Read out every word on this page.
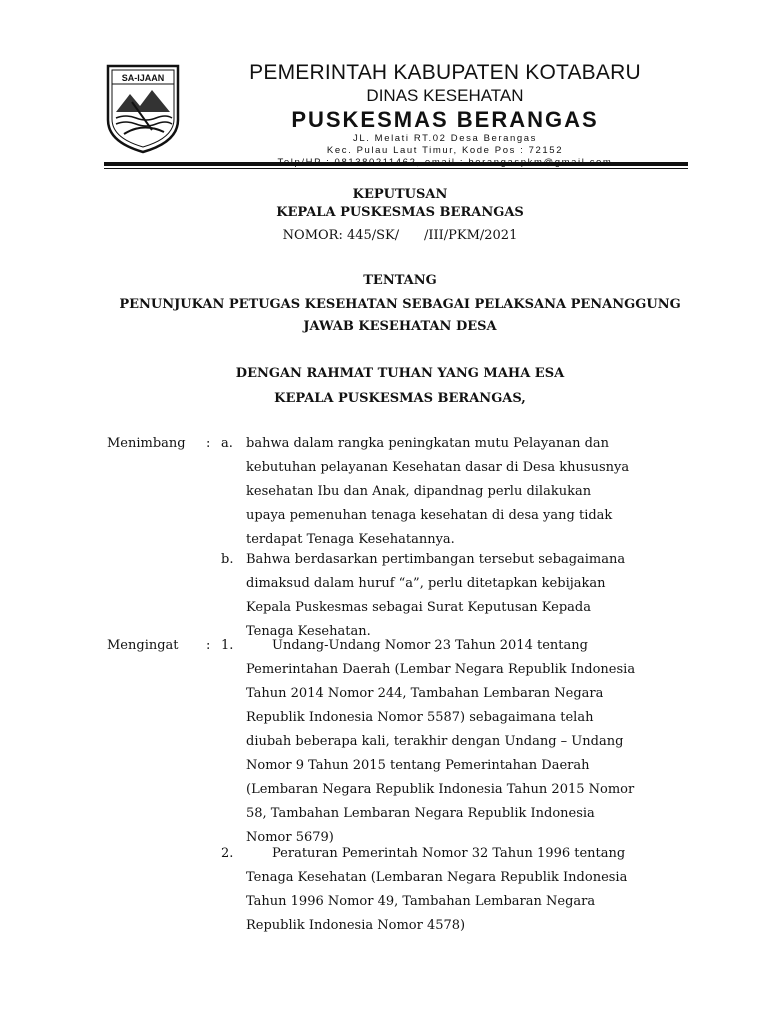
SA-IJAAN	PEMERINTAH KABUPATEN KOTABARU
DINAS KESEHATAN
PUSKESMAS BERANGAS
JL. Melati RT.02 Desa Berangas
Kec. Pulau Laut Timur, Kode Pos : 72152
KEPUTUSAN
KEPALA PUSKESMAS BERANGAS
NOMOR: 445/SK/      /III/PKM/2021
TENTANG
PENUNJUKAN PETUGAS KESEHATAN SEBAGAI PELAKSANA PENANGGUNG
JAWAB KESEHATAN DESA
DENGAN RAHMAT TUHAN YANG MAHA ESA
KEPALA PUSKESMAS BERANGAS,
Menimbang : a. bahwa dalam rangka peningkatan mutu Pelayanan dan
kebutuhan pelayanan Kesehatan dasar di Desa khususnya
kesehatan Ibu dan Anak, dipandnag perlu dilakukan
upaya pemenuhan tenaga kesehatan di desa yang tidak
terdapat Tenaga Kesehatannya.
b. Bahwa berdasarkan pertimbangan tersebut sebagaimana
dimaksud dalam huruf “a”, perlu ditetapkan kebijakan
Kepala Puskesmas sebagai Surat Keputusan Kepada
Tenaga Kesehatan.
Mengingat : 1.	Undang-Undang Nomor 23 Tahun 2014 tentang
Pemerintahan Daerah (Lembar Negara Republik Indonesia
Tahun 2014 Nomor 244, Tambahan Lembaran Negara
Republik Indonesia Nomor 5587) sebagaimana telah
diubah beberapa kali, terakhir dengan Undang – Undang
Nomor 9 Tahun 2015 tentang Pemerintahan Daerah
(Lembaran Negara Republik Indonesia Tahun 2015 Nomor
58, Tambahan Lembaran Negara Republik Indonesia
Nomor 5679)
2.	Peraturan Pemerintah Nomor 32 Tahun 1996 tentang
Tenaga Kesehatan (Lembaran Negara Republik Indonesia
Tahun 1996 Nomor 49, Tambahan Lembaran Negara
Republik Indonesia Nomor 4578)
